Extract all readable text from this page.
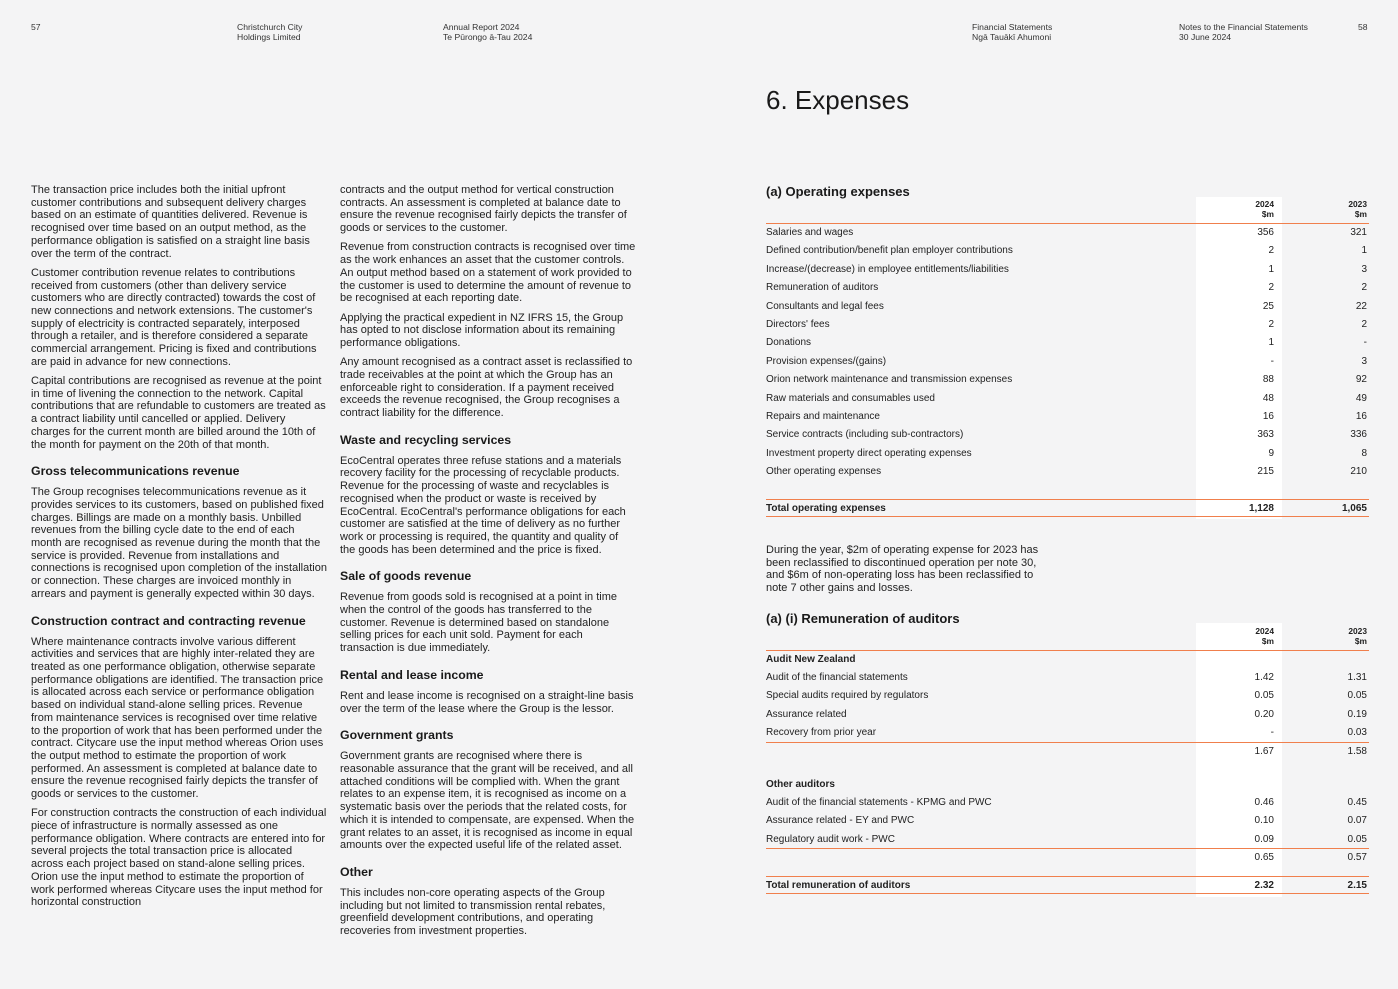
57	Christchurch City
Holdings Limited
Annual Report 2024
Te Pūrongo ā-Tau 2024
Financial Statements
Ngā Tauākī Ahumoni
Notes to the Financial Statements
30 June 2024
58

The transaction price includes both the initial upfront customer contributions and subsequent delivery charges based on an estimate of quantities delivered. Revenue is recognised over time based on an output method, as the performance obligation is satisfied on a straight line basis over the term of the contract.

Customer contribution revenue relates to contributions received from customers (other than delivery service customers who are directly contracted) towards the cost of new connections and network extensions. The customer's supply of electricity is contracted separately, interposed through a retailer, and is therefore considered a separate commercial arrangement. Pricing is fixed and contributions are paid in advance for new connections.

Capital contributions are recognised as revenue at the point in time of livening the connection to the network. Capital contributions that are refundable to customers are treated as a contract liability until cancelled or applied. Delivery charges for the current month are billed around the 10th of the month for payment on the 20th of that month.

Gross telecommunications revenue

The Group recognises telecommunications revenue as it provides services to its customers, based on published fixed charges. Billings are made on a monthly basis. Unbilled revenues from the billing cycle date to the end of each month are recognised as revenue during the month that the service is provided. Revenue from installations and connections is recognised upon completion of the installation or connection. These charges are invoiced monthly in arrears and payment is generally expected within 30 days.

Construction contract and contracting revenue

Where maintenance contracts involve various different activities and services that are highly inter-related they are treated as one performance obligation, otherwise separate performance obligations are identified. The transaction price is allocated across each service or performance obligation based on individual stand-alone selling prices. Revenue from maintenance services is recognised over time relative to the proportion of work that has been performed under the contract. Citycare use the input method whereas Orion uses the output method to estimate the proportion of work performed. An assessment is completed at balance date to ensure the revenue recognised fairly depicts the transfer of goods or services to the customer.

For construction contracts the construction of each individual piece of infrastructure is normally assessed as one performance obligation. Where contracts are entered into for several projects the total transaction price is allocated across each project based on stand-alone selling prices. Orion use the input method to estimate the proportion of work performed whereas Citycare uses the input method for horizontal construction

contracts and the output method for vertical construction contracts. An assessment is completed at balance date to ensure the revenue recognised fairly depicts the transfer of goods or services to the customer.

Revenue from construction contracts is recognised over time as the work enhances an asset that the customer controls. An output method based on a statement of work provided to the customer is used to determine the amount of revenue to be recognised at each reporting date.

Applying the practical expedient in NZ IFRS 15, the Group has opted to not disclose information about its remaining performance obligations.

Any amount recognised as a contract asset is reclassified to trade receivables at the point at which the Group has an enforceable right to consideration. If a payment received exceeds the revenue recognised, the Group recognises a contract liability for the difference.

Waste and recycling services

EcoCentral operates three refuse stations and a materials recovery facility for the processing of recyclable products. Revenue for the processing of waste and recyclables is recognised when the product or waste is received by EcoCentral. EcoCentral's performance obligations for each customer are satisfied at the time of delivery as no further work or processing is required, the quantity and quality of the goods has been determined and the price is fixed.

Sale of goods revenue

Revenue from goods sold is recognised at a point in time when the control of the goods has transferred to the customer. Revenue is determined based on standalone selling prices for each unit sold. Payment for each transaction is due immediately.

Rental and lease income

Rent and lease income is recognised on a straight-line basis over the term of the lease where the Group is the lessor.

Government grants

Government grants are recognised where there is reasonable assurance that the grant will be received, and all attached conditions will be complied with. When the grant relates to an expense item, it is recognised as income on a systematic basis over the periods that the related costs, for which it is intended to compensate, are expensed. When the grant relates to an asset, it is recognised as income in equal amounts over the expected useful life of the related asset.

Other

This includes non-core operating aspects of the Group including but not limited to transmission rental rebates, greenfield development contributions, and operating recoveries from investment properties.

6. Expenses
(a) Operating expenses
2024
$m
2023
$m
Salaries and wages	356	321
Defined contribution/benefit plan employer contributions	2	1
Increase/(decrease) in employee entitlements/liabilities	1	3
Remuneration of auditors	2	2
Consultants and legal fees	25	22
Directors' fees	2	2
Donations	1	-
Provision expenses/(gains)	-	3
Orion network maintenance and transmission expenses	88	92
Raw materials and consumables used	48	49
Repairs and maintenance	16	16
Service contracts (including sub-contractors)	363	336
Investment property direct operating expenses	9	8
Other operating expenses	215	210
Total operating expenses	1,128	1,065

During the year, $2m of operating expense for 2023 has been reclassified to discontinued operation per note 30, and $6m of non-operating loss has been reclassified to note 7 other gains and losses.

(a) (i) Remuneration of auditors
2024
$m
2023
$m
Audit New Zealand
Audit of the financial statements	1.42	1.31
Special audits required by regulators	0.05	0.05
Assurance related	0.20	0.19
Recovery from prior year	-	0.03
1.67	1.58
Other auditors
Audit of the financial statements - KPMG and PWC	0.46	0.45
Assurance related - EY and PWC	0.10	0.07
Regulatory audit work - PWC	0.09	0.05
0.65	0.57
Total remuneration of auditors	2.32	2.15
